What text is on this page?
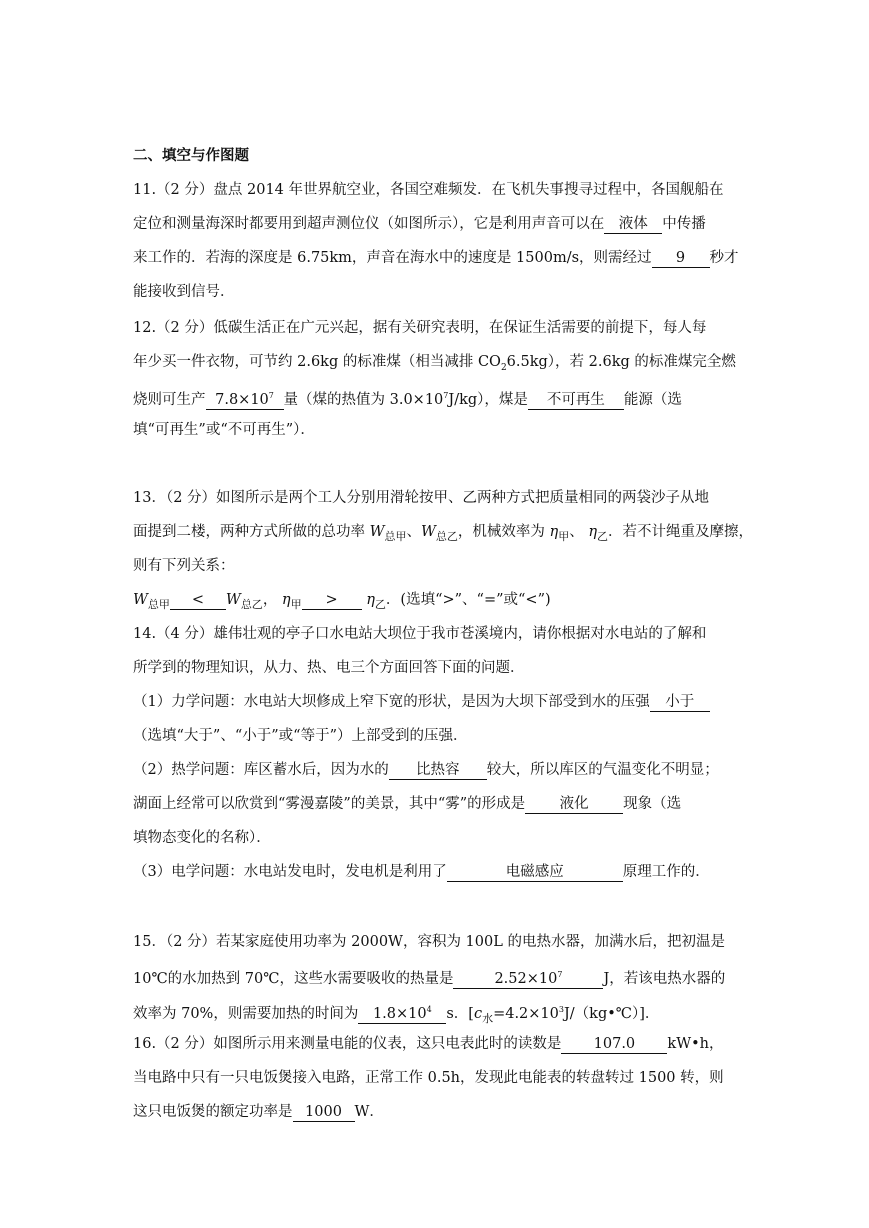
二、填空与作图题
11.（2 分）盘点 2014 年世界航空业，各国空难频发．在飞机失事搜寻过程中，各国舰船在
定位和测量海深时都要用到超声测位仪（如图所示），它是利用声音可以在 液体 中传播
来工作的．若海的深度是 6.75km，声音在海水中的速度是 1500m/s，则需经过 9 秒才
能接收到信号．
12.（2 分）低碳生活正在广元兴起，据有关研究表明，在保证生活需要的前提下，每人每
年少买一件衣物，可节约 2.6kg 的标准煤（相当减排 $CO_26.5kg$），若 2.6kg 的标准煤完全燃
烧则可生产 $7.8\times 10^7$ 量（煤的热值为 $3.0\times 10^7J/kg$），煤是 不可再生 能源（选
填“可再生”或“不可再生”）．
13．（2 分）如图所示是两个工人分别用滑轮按甲、乙两种方式把质量相同的两袋沙子从地
面提到二楼，两种方式所做的总功率 $W_{总甲}$、$W_{总乙}$，机械效率为 $\eta_甲$、 $\eta_乙$．若不计绳重及摩擦，
则有下列关系：
$W_{总甲} < W_{总乙}$， $\eta_甲 > \eta_乙$．(选填“>”、“=”或“<”)
14.（4 分）雄伟壮观的亭子口水电站大坝位于我市苍溪境内，请你根据对水电站的了解和
所学到的物理知识，从力、热、电三个方面回答下面的问题．
（1）力学问题：水电站大坝修成上窄下宽的形状，是因为大坝下部受到水的压强 小于
（选填“大于”、“小于”或“等于”）上部受到的压强．
（2）热学问题：库区蓄水后，因为水的 比热容 较大，所以库区的气温变化不明显；
湖面上经常可以欣赏到“雾漫嘉陵”的美景，其中“雾”的形成是 液化 现象（选
填物态变化的名称）．
（3）电学问题：水电站发电时，发电机是利用了	电磁感应	原理工作的．
15．（2 分）若某家庭使用功率为 2000W，容积为 100L 的电热水器，加满水后，把初温是
10℃的水加热到 70℃，这些水需要吸收的热量是	$2.52\times 10^7$	J，若该电热水器的
效率为 70%，则需要加热的时间为 $1.8\times 10^4$ s．$[c_水=4.2\times 10^3J/(kg•℃)]$．
16.（2 分）如图所示用来测量电能的仪表，这只电表此时的读数是 107.0 kW•h，
当电路中只有一只电饭煲接入电路，正常工作 0.5h，发现此电能表的转盘转过 1500 转，则
这只电饭煲的额定功率是 1000 W．
